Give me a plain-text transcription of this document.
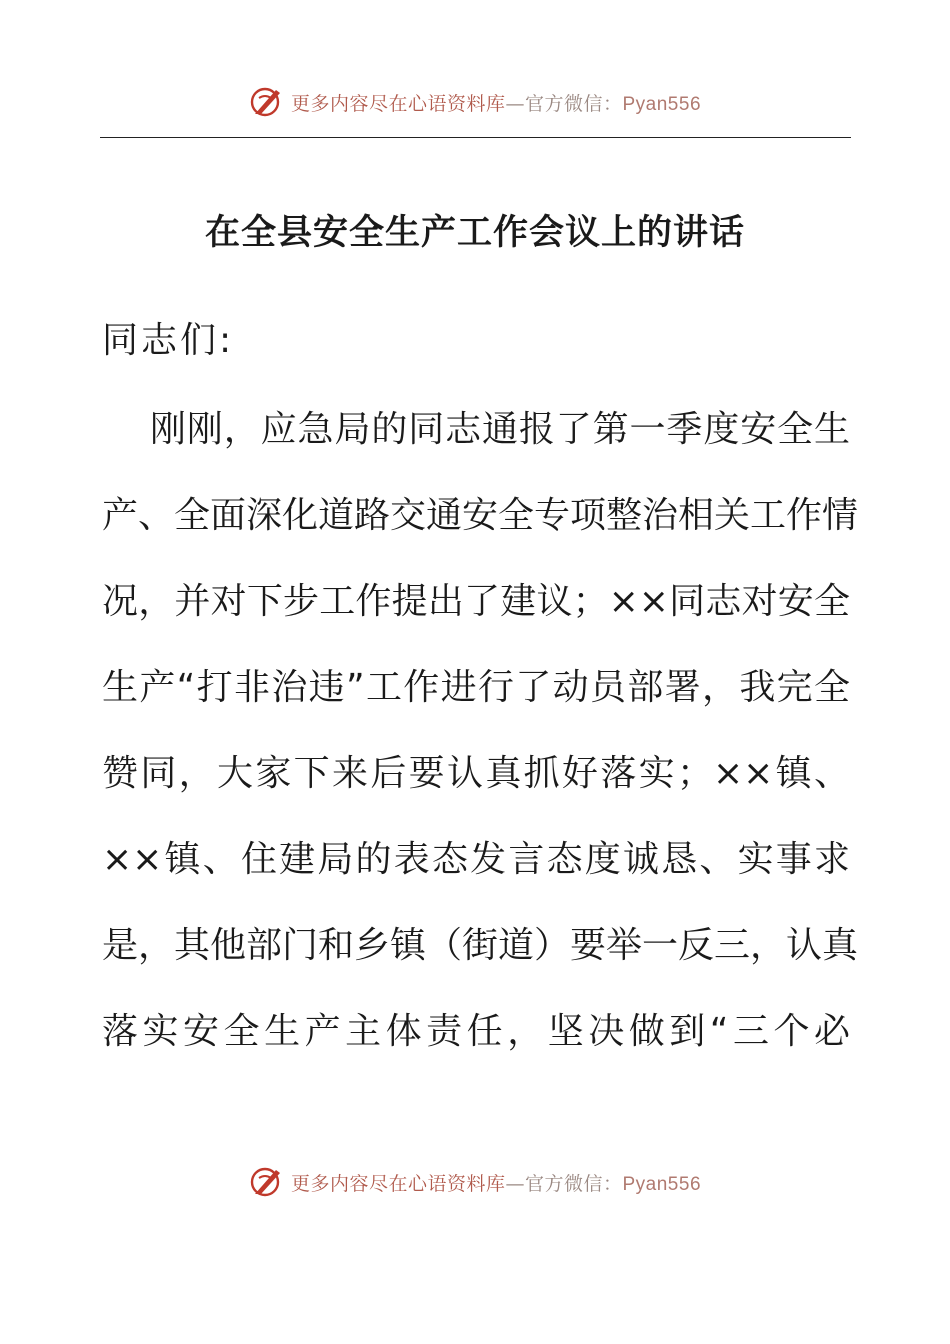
更多内容尽在心语资料库—官方微信：Pyan556
在全县安全生产工作会议上的讲话
同志们:
刚刚，应急局的同志通报了第一季度安全生
产、全面深化道路交通安全专项整治相关工作情
况，并对下步工作提出了建议；××同志对安全
生产“打非治违”工作进行了动员部署，我完全
赞同，大家下来后要认真抓好落实；××镇、
××镇、住建局的表态发言态度诚恳、实事求
是，其他部门和乡镇（街道）要举一反三，认真
落实安全生产主体责任，坚决做到“三个必
更多内容尽在心语资料库—官方微信：Pyan556
